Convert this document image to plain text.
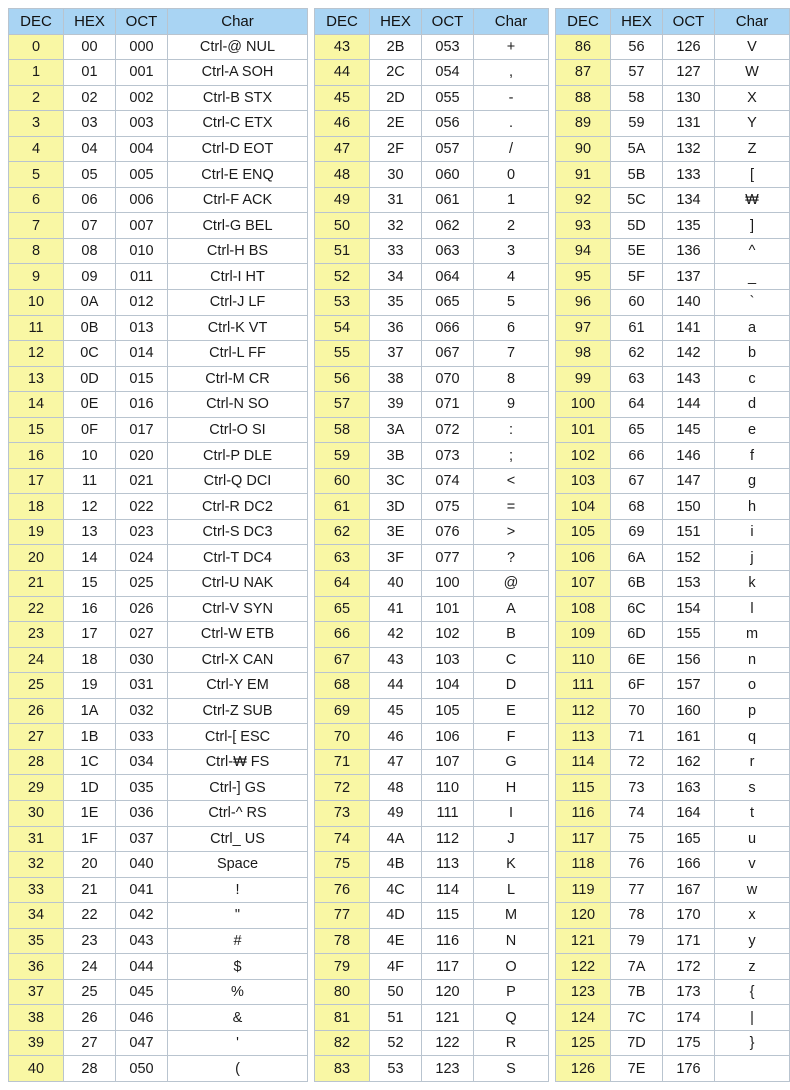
DEC	HEX	OCT	Char
0	00	000	Ctrl-@ NUL
1	01	001	Ctrl-A SOH
2	02	002	Ctrl-B STX
3	03	003	Ctrl-C ETX
4	04	004	Ctrl-D EOT
5	05	005	Ctrl-E ENQ
6	06	006	Ctrl-F ACK
7	07	007	Ctrl-G BEL
8	08	010	Ctrl-H BS
9	09	011	Ctrl-I HT
10	0A	012	Ctrl-J LF
11	0B	013	Ctrl-K VT
12	0C	014	Ctrl-L FF
13	0D	015	Ctrl-M CR
14	0E	016	Ctrl-N SO
15	0F	017	Ctrl-O SI
16	10	020	Ctrl-P DLE
17	11	021	Ctrl-Q DCI
18	12	022	Ctrl-R DC2
19	13	023	Ctrl-S DC3
20	14	024	Ctrl-T DC4
21	15	025	Ctrl-U NAK
22	16	026	Ctrl-V SYN
23	17	027	Ctrl-W ETB
24	18	030	Ctrl-X CAN
25	19	031	Ctrl-Y EM
26	1A	032	Ctrl-Z SUB
27	1B	033	Ctrl-[ ESC
28	1C	034	Ctrl-₩ FS
29	1D	035	Ctrl-] GS
30	1E	036	Ctrl-^ RS
31	1F	037	Ctrl_ US
32	20	040	Space
33	21	041	!
34	22	042	"
35	23	043	#
36	24	044	$
37	25	045	%
38	26	046	&
39	27	047	'
40	28	050	(
DEC	HEX	OCT	Char
43	2B	053	+
44	2C	054	,
45	2D	055	-
46	2E	056	.
47	2F	057	/
48	30	060	0
49	31	061	1
50	32	062	2
51	33	063	3
52	34	064	4
53	35	065	5
54	36	066	6
55	37	067	7
56	38	070	8
57	39	071	9
58	3A	072	:
59	3B	073	;
60	3C	074	<
61	3D	075	=
62	3E	076	>
63	3F	077	?
64	40	100	@
65	41	101	A
66	42	102	B
67	43	103	C
68	44	104	D
69	45	105	E
70	46	106	F
71	47	107	G
72	48	110	H
73	49	111	I
74	4A	112	J
75	4B	113	K
76	4C	114	L
77	4D	115	M
78	4E	116	N
79	4F	117	O
80	50	120	P
81	51	121	Q
82	52	122	R
83	53	123	S
DEC	HEX	OCT	Char
86	56	126	V
87	57	127	W
88	58	130	X
89	59	131	Y
90	5A	132	Z
91	5B	133	[
92	5C	134	₩
93	5D	135	]
94	5E	136	^
95	5F	137	_
96	60	140	`
97	61	141	a
98	62	142	b
99	63	143	c
100	64	144	d
101	65	145	e
102	66	146	f
103	67	147	g
104	68	150	h
105	69	151	i
106	6A	152	j
107	6B	153	k
108	6C	154	l
109	6D	155	m
110	6E	156	n
111	6F	157	o
112	70	160	p
113	71	161	q
114	72	162	r
115	73	163	s
116	74	164	t
117	75	165	u
118	76	166	v
119	77	167	w
120	78	170	x
121	79	171	y
122	7A	172	z
123	7B	173	{
124	7C	174	|
125	7D	175	}
126	7E	176	
